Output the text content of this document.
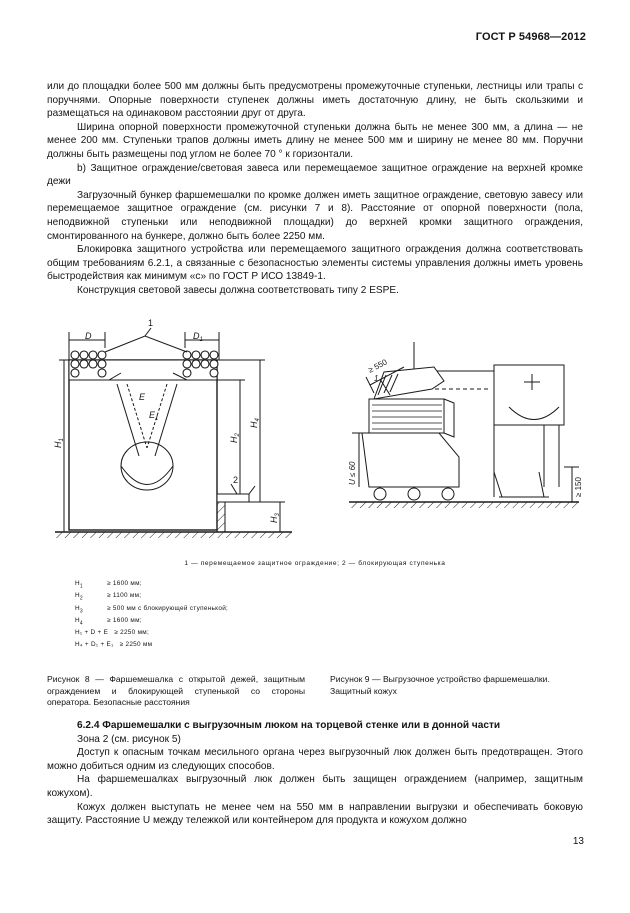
ГОСТ Р 54968—2012

или до площадки более 500 мм должны быть предусмотрены промежуточные ступеньки, лестницы или трапы с поручнями. Опорные поверхности ступенек должны иметь достаточную длину, не быть скользкими и размещаться на одинаковом расстоянии друг от друга.

Ширина опорной поверхности промежуточной ступеньки должна быть не менее 300 мм, а длина — не менее 200 мм. Ступеньки трапов должны иметь длину не менее 500 мм и ширину не менее 80 мм. Поручни должны быть размещены под углом не более 70 ° к горизонтали.

b) Защитное ограждение/световая завеса или перемещаемое защитное ограждение на верхней кромке дежи

Загрузочный бункер фаршемешалки по кромке должен иметь защитное ограждение, световую завесу или перемещаемое защитное ограждение (см. рисунки 7 и 8). Расстояние от опорной поверхности (пола, неподвижной ступеньки или неподвижной площадки) до верхней кромки защитного ограждения, смонтированного на бункере, должно быть более 2250 мм.

Блокировка защитного устройства или перемещаемого защитного ограждения должна соответствовать общим требованиям 6.2.1, а связанные с безопасностью элементы системы управления должны иметь уровень быстродействия как минимум «c» по ГОСТ Р ИСО 13849-1.

Конструкция световой завесы должна соответствовать типу 2 ESPE.

D	$D_1$
E
$E_1$
1
2
$H_1$	$H_2$
$H_4$
$H_3$
≥ 550
1
U ≤ 60
≥ 150
1 — перемещаемое защитное ограждение; 2 — блокирующая ступенька
$H_1$	≥ 1600 мм;
$H_2$	≥ 1100 мм;
$H_3$	≥ 500 мм с блокирующей ступенькой;
$H_4$	≥ 1600 мм;
H₁ + D + E ≥ 2250 мм;
H₄ + D₁ + E₁ ≥ 2250 мм

Рисунок 8 — Фаршемешалка с открытой дежей, защитным ограждением и блокирующей ступенькой со стороны оператора. Безопасные расстояния

Рисунок 9 — Выгрузочное устройство фаршемешалки. Защитный кожух

6.2.4 Фаршемешалки с выгрузочным люком на торцевой стенке или в донной части

Зона 2 (см. рисунок 5)

Доступ к опасным точкам месильного органа через выгрузочный люк должен быть предотвращен. Этого можно добиться одним из следующих способов.

На фаршемешалках выгрузочный люк должен быть защищен ограждением (например, защитным кожухом).

Кожух должен выступать не менее чем на 550 мм в направлении выгрузки и обеспечивать боковую защиту. Расстояние U между тележкой или контейнером для продукта и кожухом должно

13
